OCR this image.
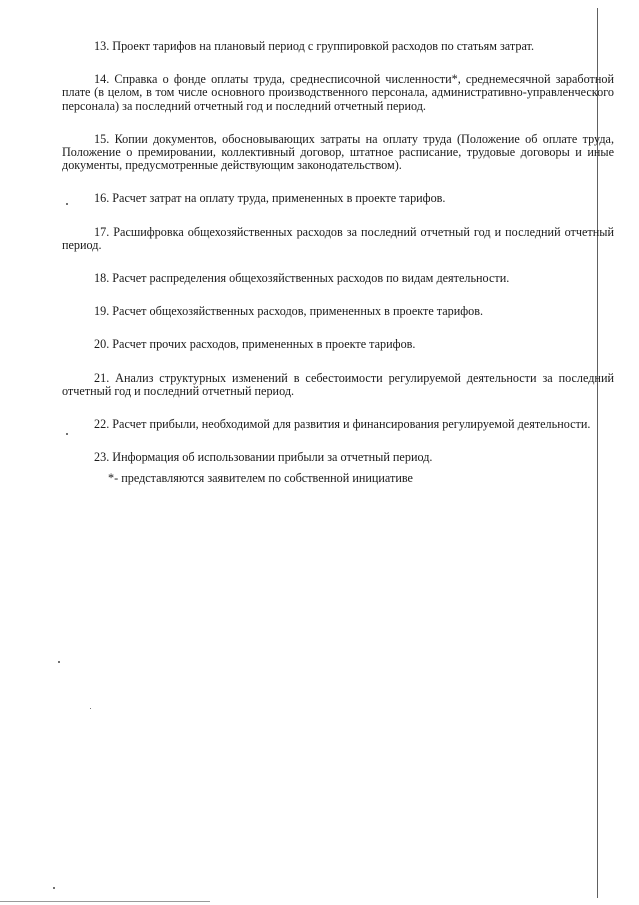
13. Проект тарифов на плановый период с группировкой расходов по статьям затрат.

14. Справка о фонде оплаты труда, среднесписочной численности*, среднемесячной заработной плате (в целом, в том числе основного производственного персонала, административно-управленческого персонала) за последний отчетный год и последний отчетный период.

15. Копии документов, обосновывающих затраты на оплату труда (Положение об оплате труда, Положение о премировании, коллективный договор, штатное расписание, трудовые договоры и иные документы, предусмотренные действующим законодательством).

16. Расчет затрат на оплату труда, примененных в проекте тарифов.

17. Расшифровка общехозяйственных расходов за последний отчетный год и последний отчетный период.

18. Расчет распределения общехозяйственных расходов по видам деятельности.

19. Расчет общехозяйственных расходов, примененных в проекте тарифов.

20. Расчет прочих расходов, примененных в проекте тарифов.

21. Анализ структурных изменений в себестоимости регулируемой деятельности за последний отчетный год и последний отчетный период.

22. Расчет прибыли, необходимой для развития и финансирования регулируемой деятельности.

23. Информация об использовании прибыли за отчетный период.

*- представляются заявителем по собственной инициативе
